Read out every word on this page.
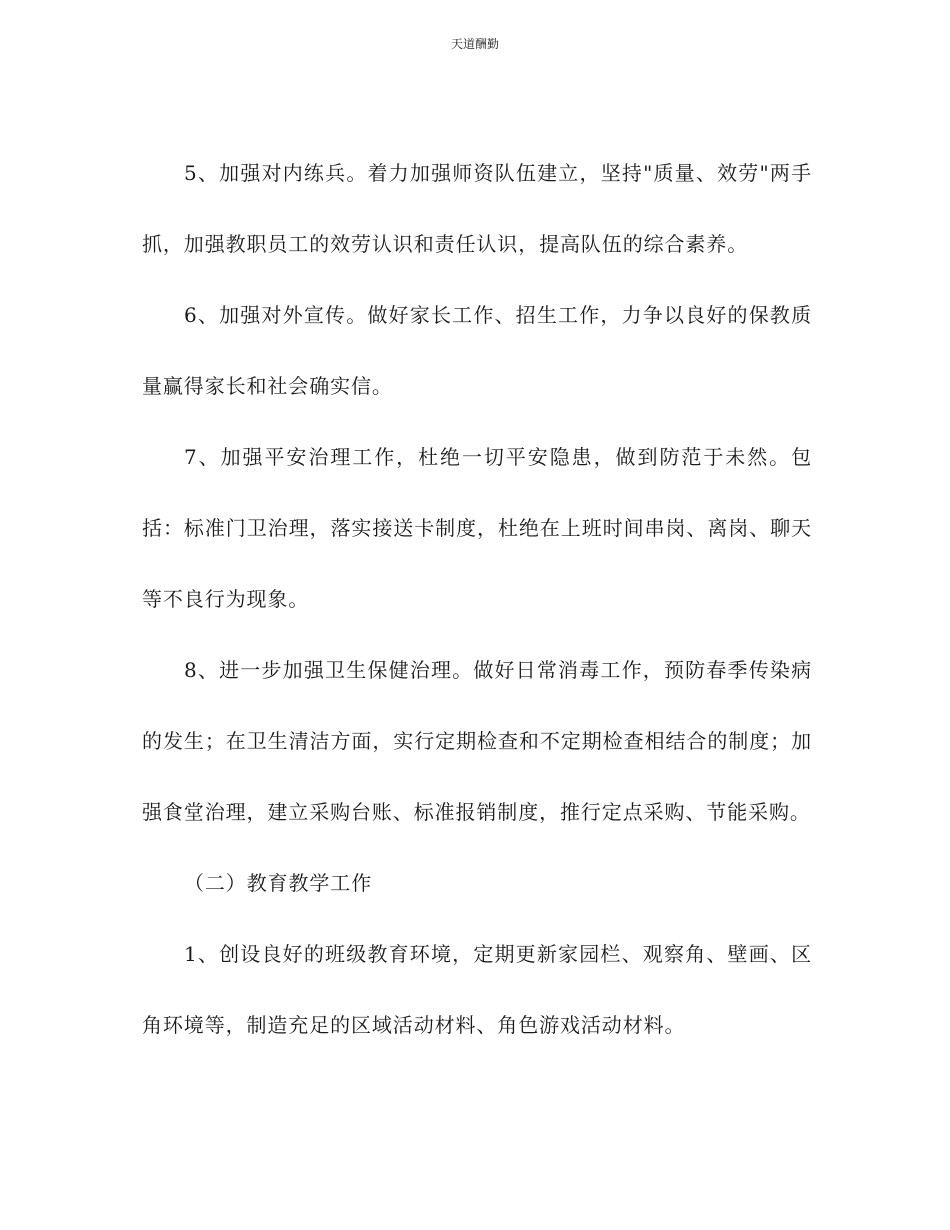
天道酬勤

5、加强对内练兵。着力加强师资队伍建立，坚持"质量、效劳"两手抓，加强教职员工的效劳认识和责任认识，提高队伍的综合素养。

6、加强对外宣传。做好家长工作、招生工作，力争以良好的保教质量赢得家长和社会确实信。

7、加强平安治理工作，杜绝一切平安隐患，做到防范于未然。包括：标准门卫治理，落实接送卡制度，杜绝在上班时间串岗、离岗、聊天等不良行为现象。

8、进一步加强卫生保健治理。做好日常消毒工作，预防春季传染病的发生；在卫生清洁方面，实行定期检查和不定期检查相结合的制度；加强食堂治理，建立采购台账、标准报销制度，推行定点采购、节能采购。

（二）教育教学工作

1、创设良好的班级教育环境，定期更新家园栏、观察角、壁画、区角环境等，制造充足的区域活动材料、角色游戏活动材料。
